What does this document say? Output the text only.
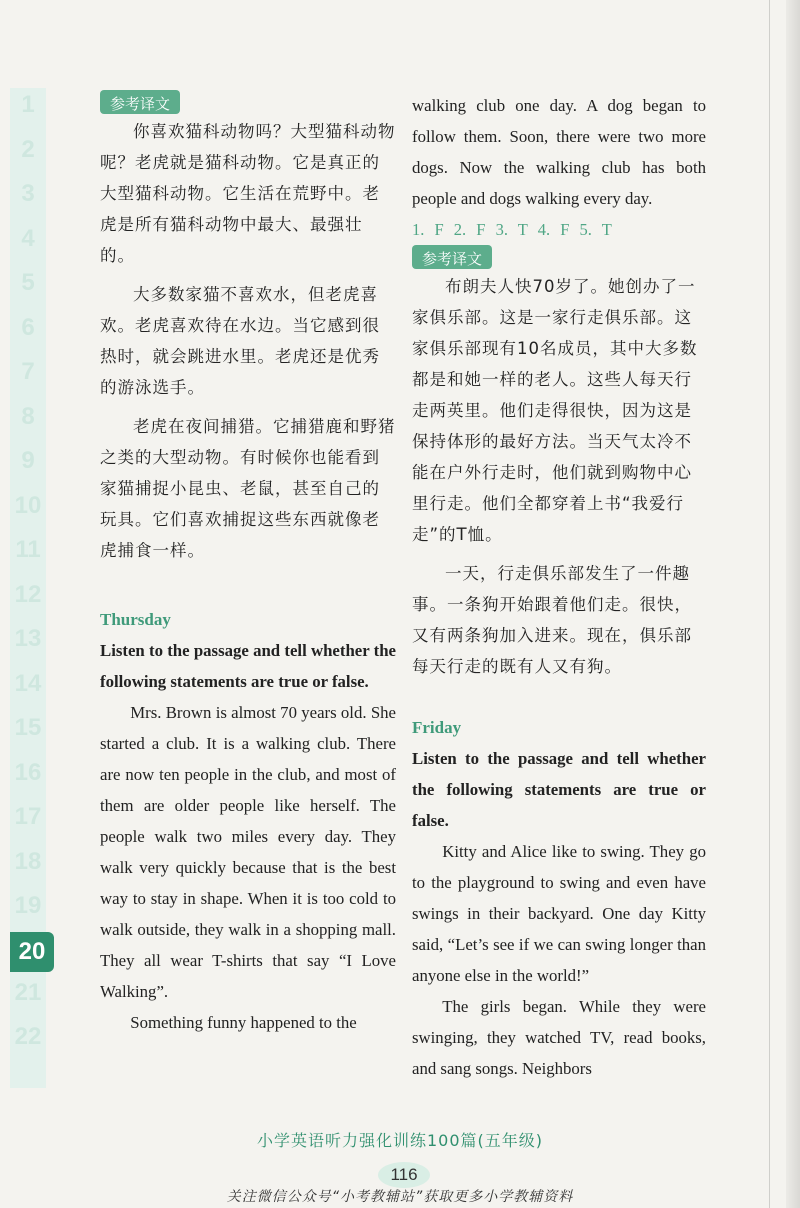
1
2
3
4
5
6
7
8
9
10
11
12
13
14
15
16
17
18
19
20
21
22
参考译文

你喜欢猫科动物吗？大型猫科动物呢？老虎就是猫科动物。它是真正的大型猫科动物。它生活在荒野中。老虎是所有猫科动物中最大、最强壮的。

大多数家猫不喜欢水，但老虎喜欢。老虎喜欢待在水边。当它感到很热时，就会跳进水里。老虎还是优秀的游泳选手。

老虎在夜间捕猎。它捕猎鹿和野猪之类的大型动物。有时候你也能看到家猫捕捉小昆虫、老鼠，甚至自己的玩具。它们喜欢捕捉这些东西就像老虎捕食一样。

Thursday

Listen to the passage and tell whether the following statements are true or false.

Mrs. Brown is almost 70 years old. She started a club. It is a walking club. There are now ten people in the club, and most of them are older people like herself. The people walk two miles every day. They walk very quickly because that is the best way to stay in shape. When it is too cold to walk outside, they walk in a shopping mall. They all wear T-shirts that say “I Love Walking”.

Something funny happened to the

walking club one day. A dog began to follow them. Soon, there were two more dogs. Now the walking club has both people and dogs walking every day.

1. F 2. F 3. T 4. F 5. T

参考译文

布朗夫人快70岁了。她创办了一家俱乐部。这是一家行走俱乐部。这家俱乐部现有10名成员，其中大多数都是和她一样的老人。这些人每天行走两英里。他们走得很快，因为这是保持体形的最好方法。当天气太冷不能在户外行走时，他们就到购物中心里行走。他们全都穿着上书“我爱行走”的T恤。

一天，行走俱乐部发生了一件趣事。一条狗开始跟着他们走。很快，又有两条狗加入进来。现在，俱乐部每天行走的既有人又有狗。

Friday

Listen to the passage and tell whether the following statements are true or false.

Kitty and Alice like to swing. They go to the playground to swing and even have swings in their backyard. One day Kitty said, “Let’s see if we can swing longer than anyone else in the world!”

The girls began. While they were swinging, they watched TV, read books, and sang songs. Neighbors

小学英语听力强化训练100篇(五年级)
116
关注微信公众号“小考教辅站”获取更多小学教辅资料
